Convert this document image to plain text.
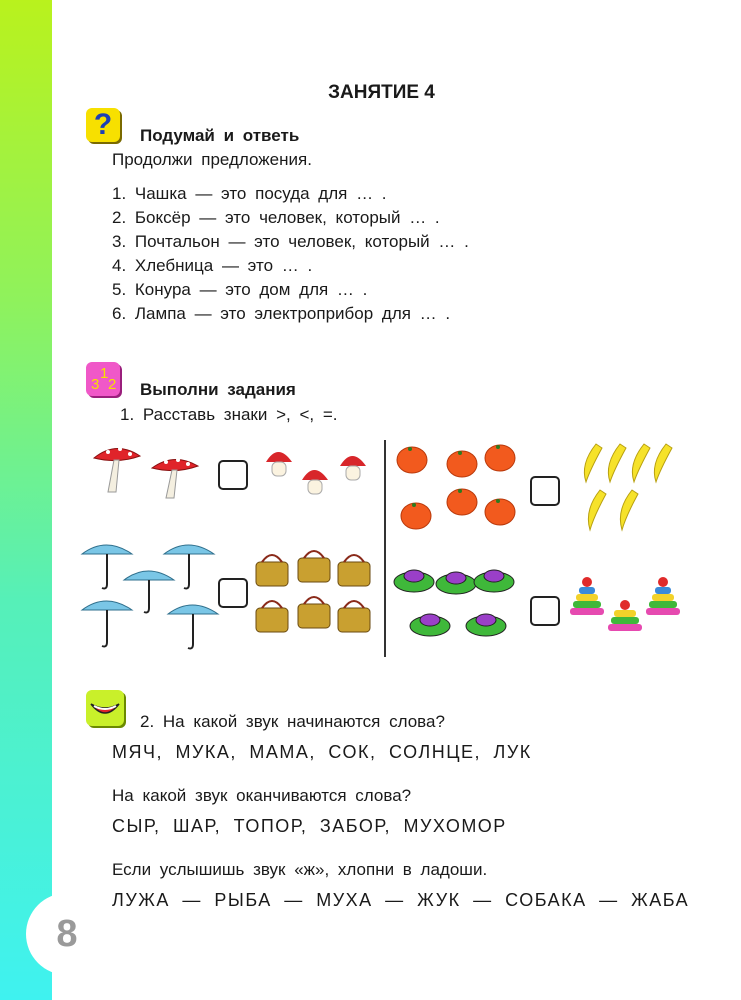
8
ЗАНЯТИЕ 4
?	Подумай и ответь
Продолжи предложения.
1. Чашка — это посуда для … .
2. Боксёр — это человек, который … .
3. Почтальон — это человек, который … .
4. Хлебница — это … .
5. Конура — это дом для … .
6. Лампа — это электроприбор для … .
3
1
2 Выполни задания
1. Расставь знаки >, <, =.
2. На какой звук начинаются слова?
МЯЧ, МУКА, МАМА, СОК, СОЛНЦЕ, ЛУК
На какой звук оканчиваются слова?
СЫР, ШАР, ТОПОР, ЗАБОР, МУХОМОР
Если услышишь звук «ж», хлопни в ладоши.
ЛУЖА — РЫБА — МУХА — ЖУК — СОБАКА — ЖАБА
